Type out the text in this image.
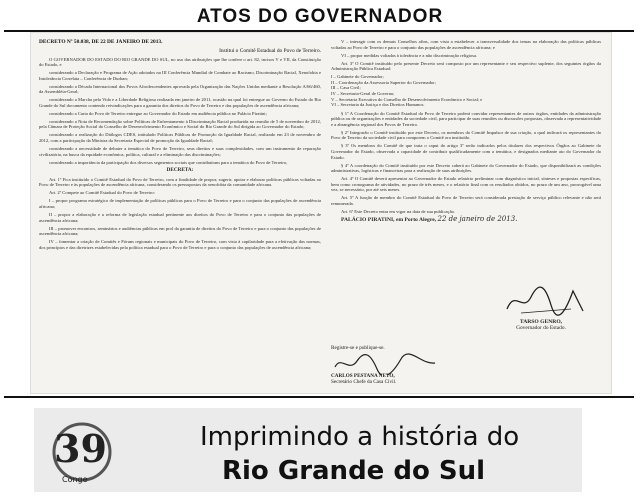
ATOS DO GOVERNADOR

DECRETO Nº 50.038, DE 22 DE JANEIRO DE 2013.

Institui o Comitê Estadual do Povo de Terreiro.

O GOVERNADOR DO ESTADO DO RIO GRANDE DO SUL, no uso das atribuições que lhe confere o art. 82, incisos V e VII, da Constituição do Estado, e

considerando a Declaração e Programa de Ação adotados na III Conferência Mundial de Combate ao Racismo, Discriminação Racial, Xenofobia e Intolerância Correlata – Conferência de Durban;

considerando a Década Internacional dos Povos Afrodescendentes aprovada pela Organização das Nações Unidas mediante a Resolução A/66/460, da Assembléia-Geral;

considerando a Marcha pela Vida e a Liberdade Religiosa realizada em janeiro de 2011, ocasião na qual foi entregue ao Governo do Estado do Rio Grande do Sul documento contendo reivindicações para a garantia dos direitos do Povo de Terreiro e das populações de ascendência africana;

considerando a Carta do Povo de Terreiro entregue ao Governador do Estado em audiência pública no Palácio Piratini;

considerando a Nota de Recomendação sobre Políticas de Enfrentamento à Discriminação Racial produzida na reunião de 5 de novembro de 2012, pela Câmara de Proteção Social do Conselho de Desenvolvimento Econômico e Social do Rio Grande do Sul dirigida ao Governador do Estado;

considerando a realização do Diálogos CDES, intitulado Políticas Públicas de Promoção da Igualdade Racial, realizado em 23 de novembro de 2012, com a participação da Ministra da Secretaria Especial de promoção da Igualdade Racial;

considerando a necessidade de debater a temática do Povo de Terreiro, seus direitos e suas complexidades, com um instrumento de reparação civilizatória, na busca da equidade econômica, política, cultural e a eliminação das discriminações;

considerando a importância da participação dos diversos segmentos sociais que contribuíram para a temática do Povo de Terreiro,

DECRETA:

Art. 1º Fica instituído o Comitê Estadual do Povo de Terreiro, com a finalidade de propor, sugerir, apoiar e elaborar políticas públicas voltadas ao Povo de Terreiro e às populações de ascendência africana, considerando os pressupostos da xenofobia da comunidade africana.

Art. 2º Compete ao Comitê Estadual do Povo de Terreiro:

I – propor programa estratégico de implementação de políticas públicas para o Povo de Terreiro e para o conjunto das populações de ascendência africana;

II – propor a elaboração e a reforma de legislação estadual pertinente aos direitos do Povo de Terreiro e para o conjunto das populações de ascendência africana;

III – promover encontros, seminários e audiências públicas em prol da garantia de direitos do Povo de Terreiro e para o conjunto das populações de ascendência africana;

IV – fomentar a criação de Comitês e Fóruns regionais e municipais do Povo de Terreiro, com vista à capilaridade para a efetivação das normas, dos princípios e das diretrizes estabelecidas pela política estadual para o Povo de Terreiro e para o conjunto das populações de ascendência africana;

V – interagir com os demais Conselhos afins, com vista a estabelecer a transversalidade dos temas na elaboração das políticas públicas voltadas ao Povo de Terreiro e para o conjunto das populações de ascendência africana; e

VI – propor medidas voltadas à tolerância e a não discriminação religiosa.

Art. 3º O Comitê instituído pelo presente Decreto será composto por um representante e seu respectivo suplente, dos seguintes órgãos da Administração Pública Estadual:

I – Gabinete do Governador;

II – Coordenação da Assessoria Superior do Governador;

III – Casa Civil;

IV – Secretaria-Geral de Governo;

V – Secretaria Executiva do Conselho de Desenvolvimento Econômico e Social; e

VI – Secretaria da Justiça e dos Direitos Humanos.

§ 1º A Coordenação do Comitê Estadual do Povo de Terreiro poderá convidar representantes de outros órgãos, entidades da administração pública ou de organizações e entidades da sociedade civil, para participar de suas reuniões ou discussões propostas, observada a representatividade e a abrangência regional dos Povos de Terreiro.

§ 2º Integrarão o Comitê instituído por este Decreto, os membros do Comitê Impulsor de sua criação, a qual indicará os representantes do Povo de Terreiro da sociedade civil para comporem o Comitê ora instituído.

§ 3º Os membros do Comitê de que trata o caput do artigo 3º serão indicados pelos titulares dos respectivos Órgãos ao Gabinete do Governador do Estado, observada a capacidade de contribuir qualificadamente com a temática, e designados mediante ato do Governador do Estado.

§ 4º A coordenação do Comitê instituído por este Decreto caberá ao Gabinete do Governador do Estado, que disponibilizará as condições administrativas, logísticas e financeiras para a realização de suas atribuições.

Art. 4º O Comitê deverá apresentar ao Governador do Estado relatório preliminar com diagnóstico inicial, sínteses e propostas específicas, bem como cronograma de atividades, no prazo de três meses, e o relatório final com os resultados obtidos, no prazo de um ano, prorrogável uma vez, se necessário, por até seis meses.

Art. 5º A função de membro do Comitê Estadual do Povo de Terreiro será considerada prestação de serviço público relevante e não será remunerada.

Art. 6º Este Decreto entra em vigor na data de sua publicação.

PALÁCIO PIRATINI, em Porto Alegre, 22 de janeiro de 2013.

TARSO GENRO,
Governador do Estado.
Registre-se e publique-se.
CARLOS PESTANA NETO,
Secretário Chefe da Casa Civil.
39
Conge
Imprimindo a história do
Rio Grande do Sul
